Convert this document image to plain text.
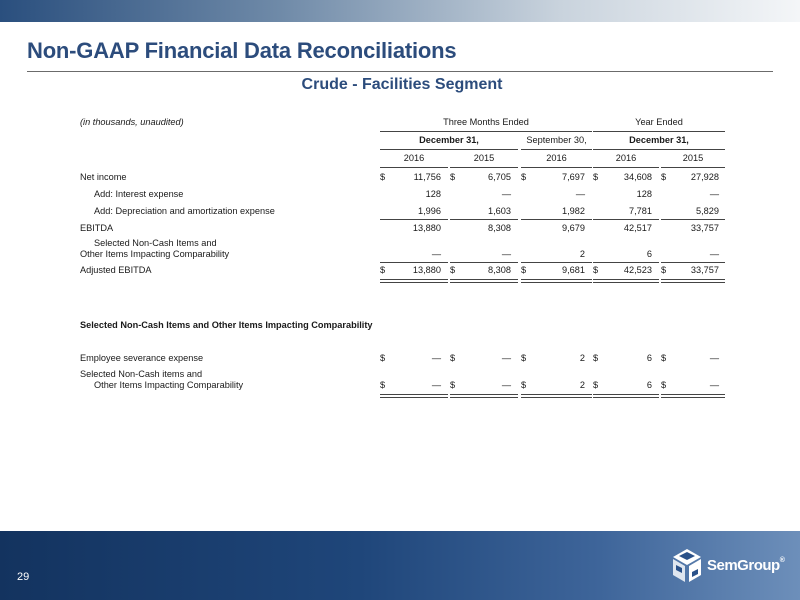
Non-GAAP Financial Data Reconciliations
Crude - Facilities Segment
(in thousands, unaudited)	Three Months Ended	Year Ended
December 31,	September 30,	December 31,
2016	2015	2016	2016	2015
Net income	$	11,756 $	6,705 $	7,697 $	34,608 $	27,928
Add: Interest expense	128	—	—	128	—
Add: Depreciation and amortization expense	1,996	1,603	1,982	7,781	5,829
EBITDA	13,880	8,308	9,679	42,517	33,757
Selected Non-Cash Items and
Other Items Impacting Comparability	—	—	2	6	—
Adjusted EBITDA	$	13,880 $	8,308 $	9,681 $	42,523 $	33,757
Selected Non-Cash Items and Other Items Impacting Comparability
Employee severance expense	$	— $	— $	2 $	6 $	—
Selected Non-Cash items and
Other Items Impacting Comparability	$	— $	— $	2 $	6 $	—
29
SemGroup®
